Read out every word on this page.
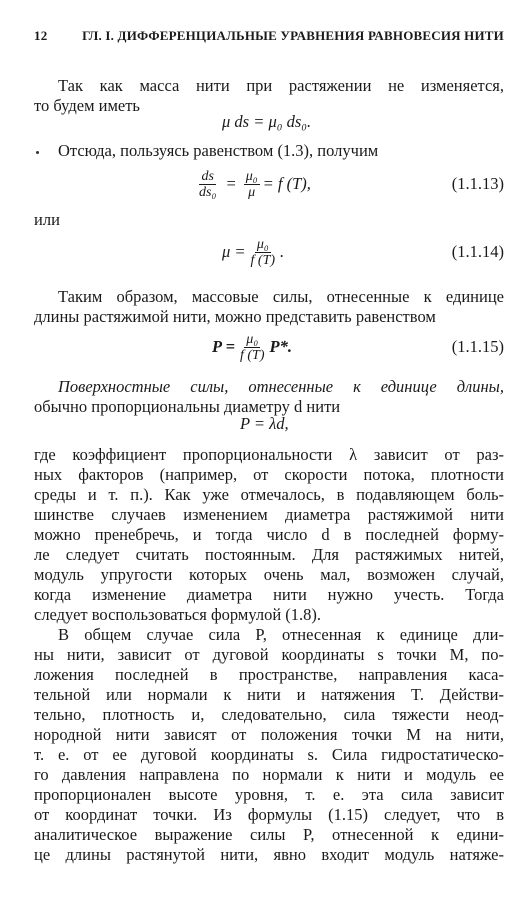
12	ГЛ. I. ДИФФЕРЕНЦИАЛЬНЫЕ УРАВНЕНИЯ РАВНОВЕСИЯ НИТИ
Так как масса нити при растяжении не изменяется,
то будем иметь
μ ds = μ₀ ds₀.
Отсюда, пользуясь равенством (1.3), получим
$\frac{ds}{\text{ds₀}} = \frac{\text{μ₀}}{\mu} = f$ (T),	(1.1.13)
или
$\mu = \frac{\text{μ₀}}{f (T)}$ .	(1.1.14)
Таким образом, массовые силы, отнесенные к единице
длины растяжимой нити, можно представить равенством
$P = \frac{\text{μ₀}}{f (T)} P*$.	(1.1.15)
Поверхностные силы, отнесенные к единице длины,
обычно пропорциональны диаметру d нити
P = λd,
где коэффициент пропорциональности λ зависит от раз-
ных факторов (например, от скорости потока, плотности
среды и т. п.). Как уже отмечалось, в подавляющем боль-
шинстве случаев изменением диаметра растяжимой нити
можно пренебречь, и тогда число d в последней форму-
ле следует считать постоянным. Для растяжимых нитей,
модуль упругости которых очень мал, возможен случай,
когда изменение диаметра нити нужно учесть. Тогда
следует воспользоваться формулой (1.8).
В общем случае сила P, отнесенная к единице дли-
ны нити, зависит от дуговой координаты s точки M, по-
ложения последней в пространстве, направления каса-
тельной или нормали к нити и натяжения T. Действи-
тельно, плотность и, следовательно, сила тяжести неод-
нородной нити зависят от положения точки M на нити,
т. е. от ее дуговой координаты s. Сила гидростатическо-
го давления направлена по нормали к нити и модуль ее
пропорционален высоте уровня, т. е. эта сила зависит
от координат точки. Из формулы (1.15) следует, что в
аналитическое выражение силы P, отнесенной к едини-
це длины растянутой нити, явно входит модуль натяже-
